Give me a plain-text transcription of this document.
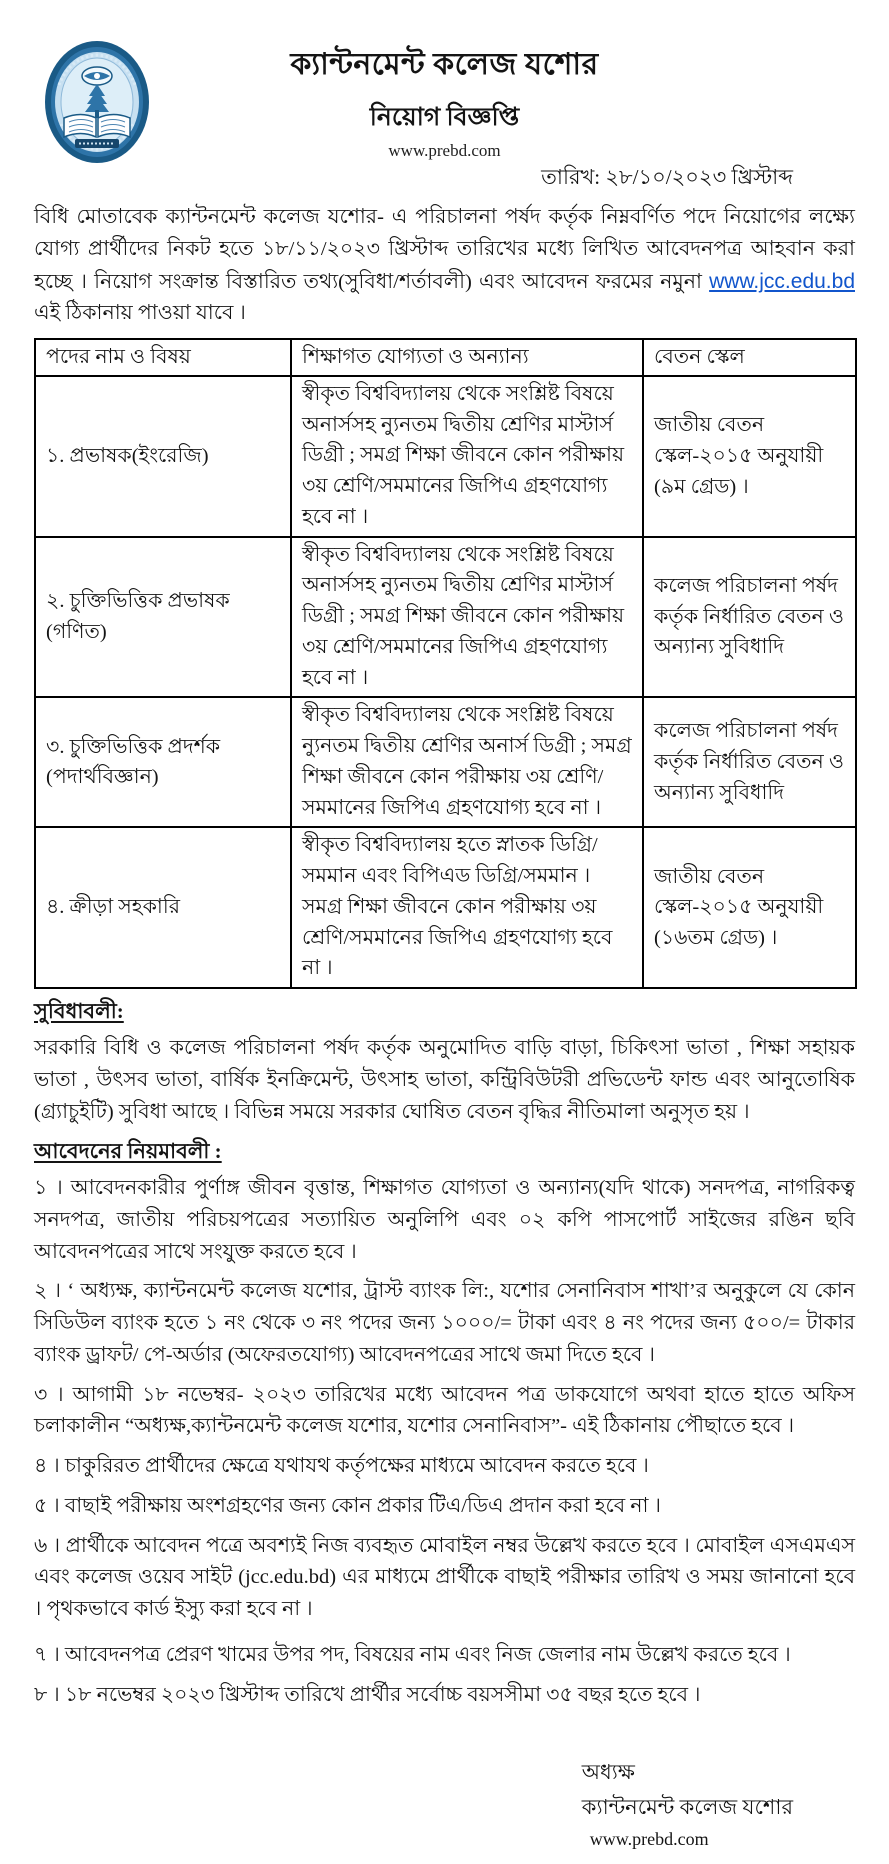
ক্যান্টনমেন্ট কলেজ যশোর
নিয়োগ বিজ্ঞপ্তি
www.prebd.com
তারিখ: ২৮/১০/২০২৩ খ্রিস্টাব্দ

বিধি মোতাবেক ক্যান্টনমেন্ট কলেজ যশোর- এ পরিচালনা পর্ষদ কর্তৃক নিম্নবর্ণিত পদে নিয়োগের লক্ষ্যে যোগ্য প্রার্থীদের নিকট হতে ১৮/১১/২০২৩ খ্রিস্টাব্দ তারিখের মধ্যে লিখিত আবেদনপত্র আহবান করা হচ্ছে । নিয়োগ সংক্রান্ত বিস্তারিত তথ্য(সুবিধা/শর্তাবলী) এবং আবেদন ফরমের নমুনা www.jcc.edu.bd এই ঠিকানায় পাওয়া যাবে ।

পদের নাম ও বিষয়	শিক্ষাগত যোগ্যতা ও অন্যান্য	বেতন স্কেল
১. প্রভাষক(ইংরেজি)	স্বীকৃত বিশ্ববিদ্যালয় থেকে সংশ্লিষ্ট বিষয়ে অনার্সসহ ন্যুনতম দ্বিতীয় শ্রেণির মাস্টার্স ডিগ্রী ; সমগ্র শিক্ষা জীবনে কোন পরীক্ষায় ৩য় শ্রেণি/সমমানের জিপিএ গ্রহণযোগ্য হবে না ।	জাতীয় বেতন স্কেল-২০১৫ অনুযায়ী (৯ম গ্রেড) ।
২. চুক্তিভিত্তিক প্রভাষক (গণিত)	স্বীকৃত বিশ্ববিদ্যালয় থেকে সংশ্লিষ্ট বিষয়ে অনার্সসহ ন্যুনতম দ্বিতীয় শ্রেণির মাস্টার্স ডিগ্রী ; সমগ্র শিক্ষা জীবনে কোন পরীক্ষায় ৩য় শ্রেণি/সমমানের জিপিএ গ্রহণযোগ্য হবে না ।	কলেজ পরিচালনা পর্ষদ কর্তৃক নির্ধারিত বেতন ও অন্যান্য সুবিধাদি
৩. চুক্তিভিত্তিক প্রদর্শক (পদার্থবিজ্ঞান)	স্বীকৃত বিশ্ববিদ্যালয় থেকে সংশ্লিষ্ট বিষয়ে ন্যুনতম দ্বিতীয় শ্রেণির অনার্স ডিগ্রী ; সমগ্র শিক্ষা জীবনে কোন পরীক্ষায় ৩য় শ্রেণি/সমমানের জিপিএ গ্রহণযোগ্য হবে না ।	কলেজ পরিচালনা পর্ষদ কর্তৃক নির্ধারিত বেতন ও অন্যান্য সুবিধাদি
৪. ক্রীড়া সহকারি	স্বীকৃত বিশ্ববিদ্যালয় হতে স্নাতক ডিগ্রি/সমমান এবং বিপিএড ডিগ্রি/সমমান । সমগ্র শিক্ষা জীবনে কোন পরীক্ষায় ৩য় শ্রেণি/সমমানের জিপিএ গ্রহণযোগ্য হবে না ।	জাতীয় বেতন স্কেল-২০১৫ অনুযায়ী (১৬তম গ্রেড) ।
সুবিধাবলী:

সরকারি বিধি ও কলেজ পরিচালনা পর্ষদ কর্তৃক অনুমোদিত বাড়ি বাড়া, চিকিৎসা ভাতা , শিক্ষা সহায়ক ভাতা , উৎসব ভাতা, বার্ষিক ইনক্রিমেন্ট, উৎসাহ ভাতা, কন্ট্রিবিউটরী প্রভিডেন্ট ফান্ড এবং আনুতোষিক (গ্র্যাচুইটি) সুবিধা আছে । বিভিন্ন সময়ে সরকার ঘোষিত বেতন বৃদ্ধির নীতিমালা অনুসৃত হয় ।

আবেদনের নিয়মাবলী :

১ । আবেদনকারীর পুর্ণাঙ্গ জীবন বৃত্তান্ত, শিক্ষাগত যোগ্যতা ও অন্যান্য(যদি থাকে) সনদপত্র, নাগরিকত্ব সনদপত্র, জাতীয় পরিচয়পত্রের সত্যায়িত অনুলিপি এবং ০২ কপি পাসপোর্ট সাইজের রঙিন ছবি আবেদনপত্রের সাথে সংযুক্ত করতে হবে ।

২ । ‘ অধ্যক্ষ, ক্যান্টনমেন্ট কলেজ যশোর, ট্রাস্ট ব্যাংক লি:, যশোর সেনানিবাস শাখা’র অনুকুলে যে কোন সিডিউল ব্যাংক হতে ১ নং থেকে ৩ নং পদের জন্য ১০০০/= টাকা এবং ৪ নং পদের জন্য ৫০০/= টাকার ব্যাংক ড্রাফট/ পে-অর্ডার (অফেরতযোগ্য) আবেদনপত্রের সাথে জমা দিতে হবে ।

৩ । আগামী ১৮ নভেম্বর- ২০২৩ তারিখের মধ্যে আবেদন পত্র ডাকযোগে অথবা হাতে হাতে অফিস চলাকালীন “অধ্যক্ষ,ক্যান্টনমেন্ট কলেজ যশোর, যশোর সেনানিবাস”- এই ঠিকানায় পৌছাতে হবে ।

৪ । চাকুরিরত প্রার্থীদের ক্ষেত্রে যথাযথ কর্তৃপক্ষের মাধ্যমে আবেদন করতে হবে ।

৫ । বাছাই পরীক্ষায় অংশগ্রহণের জন্য কোন প্রকার টিএ/ডিএ প্রদান করা হবে না ।

৬ । প্রার্থীকে আবেদন পত্রে অবশ্যই নিজ ব্যবহৃত মোবাইল নম্বর উল্লেখ করতে হবে । মোবাইল এসএমএস এবং কলেজ ওয়েব সাইট (jcc.edu.bd) এর মাধ্যমে প্রার্থীকে বাছাই পরীক্ষার তারিখ ও সময় জানানো হবে । পৃথকভাবে কার্ড ইস্যু করা হবে না ।

৭ । আবেদনপত্র প্রেরণ খামের উপর পদ, বিষয়ের নাম এবং নিজ জেলার নাম উল্লেখ করতে হবে ।

৮ । ১৮ নভেম্বর ২০২৩ খ্রিস্টাব্দ তারিখে প্রার্থীর সর্বোচ্চ বয়সসীমা ৩৫ বছর হতে হবে ।

অধ্যক্ষ
ক্যান্টনমেন্ট কলেজ যশোর
www.prebd.com
